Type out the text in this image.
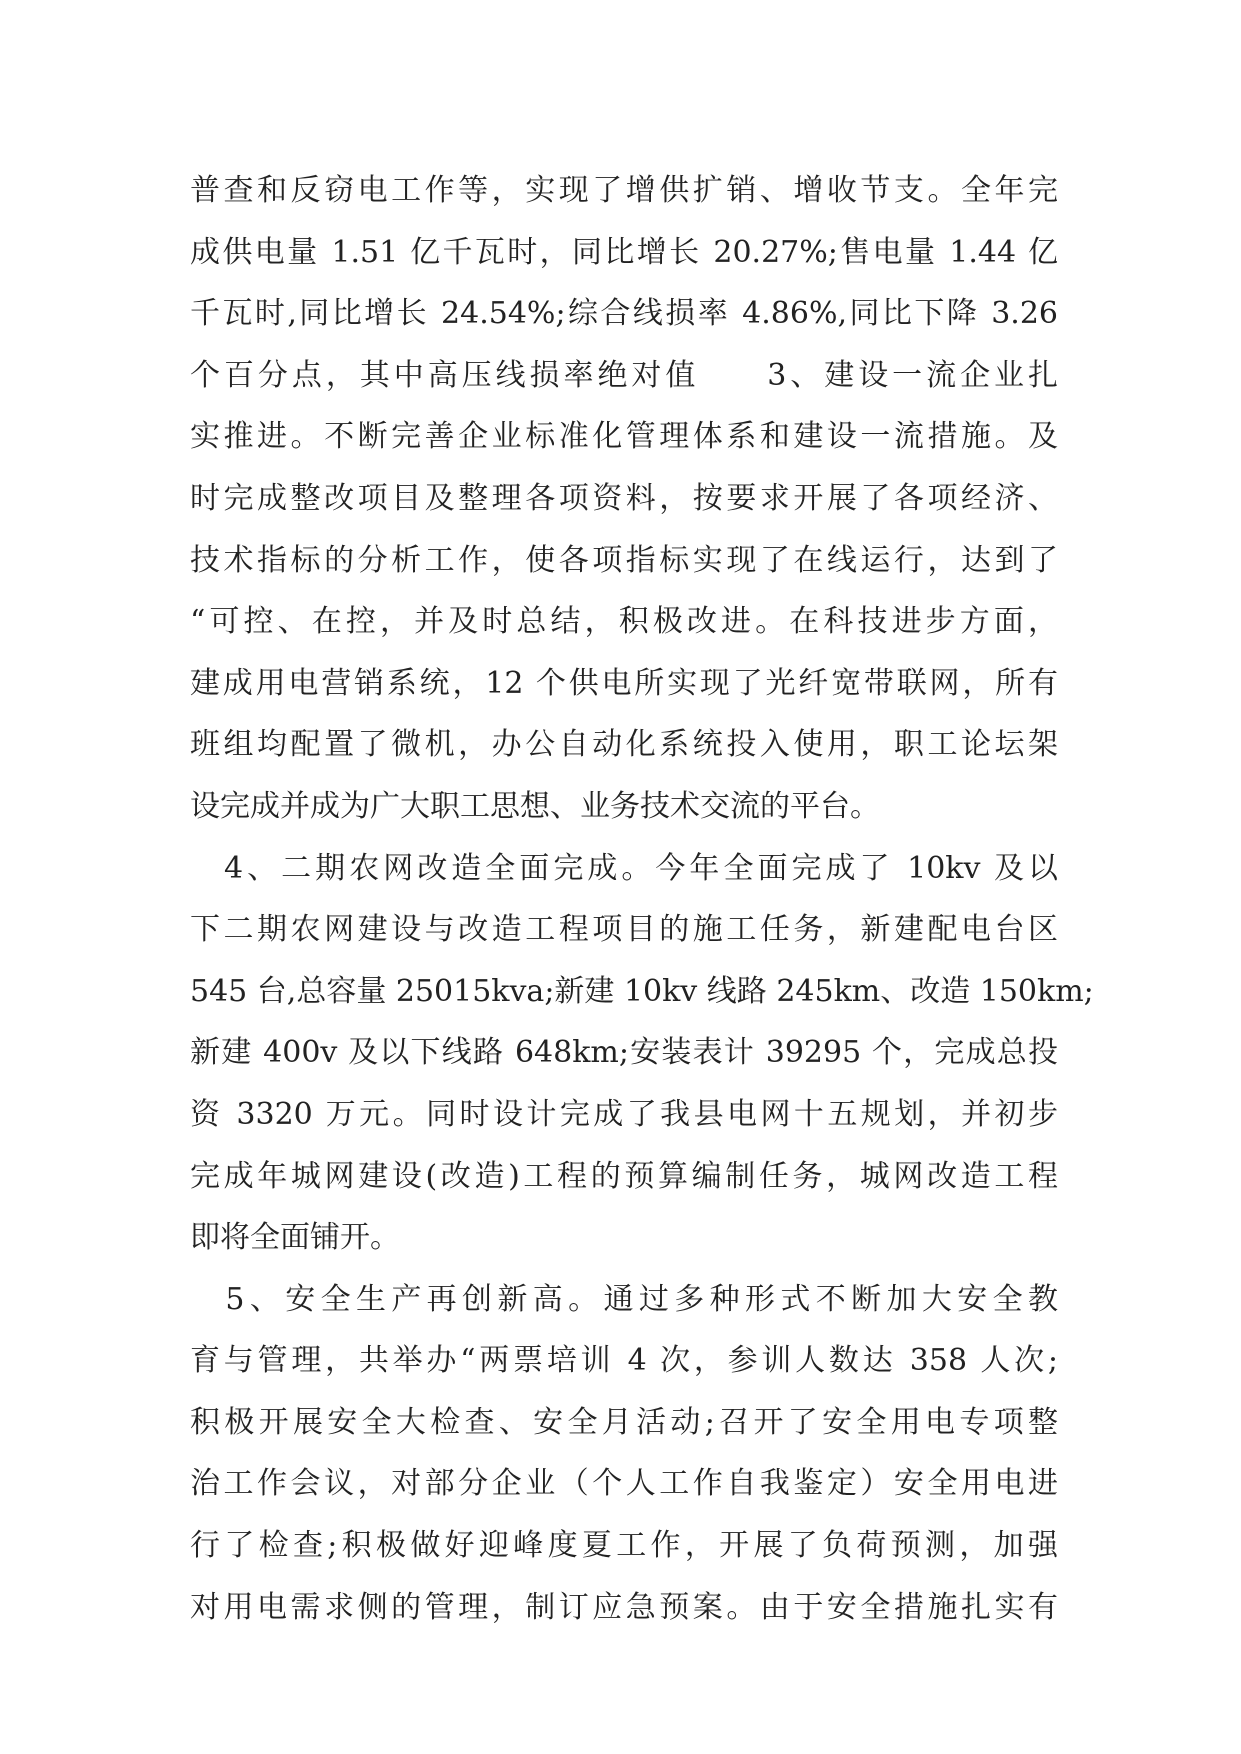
普查和反窃电工作等，实现了增供扩销、增收节支。全年完
成供电量 1.51 亿千瓦时，同比增长 20.27%;售电量 1.44 亿
千瓦时,同比增长 24.54%;综合线损率 4.86%,同比下降 3.26
个百分点，其中高压线损率绝对值　　3、建设一流企业扎
实推进。不断完善企业标准化管理体系和建设一流措施。及
时完成整改项目及整理各项资料，按要求开展了各项经济、
技术指标的分析工作，使各项指标实现了在线运行，达到了
“可控、在控，并及时总结，积极改进。在科技进步方面，
建成用电营销系统，12 个供电所实现了光纤宽带联网，所有
班组均配置了微机，办公自动化系统投入使用，职工论坛架
设完成并成为广大职工思想、业务技术交流的平台。
　4、二期农网改造全面完成。今年全面完成了 10kv 及以
下二期农网建设与改造工程项目的施工任务，新建配电台区
545 台,总容量 25015kva;新建 10kv 线路 245km、改造 150km;
新建 400v 及以下线路 648km;安装表计 39295 个，完成总投
资 3320 万元。同时设计完成了我县电网十五规划，并初步
完成年城网建设(改造)工程的预算编制任务，城网改造工程
即将全面铺开。
　5、安全生产再创新高。通过多种形式不断加大安全教
育与管理，共举办“两票培训 4 次，参训人数达 358 人次;
积极开展安全大检查、安全月活动;召开了安全用电专项整
治工作会议，对部分企业（个人工作自我鉴定）安全用电进
行了检查;积极做好迎峰度夏工作，开展了负荷预测，加强
对用电需求侧的管理，制订应急预案。由于安全措施扎实有
